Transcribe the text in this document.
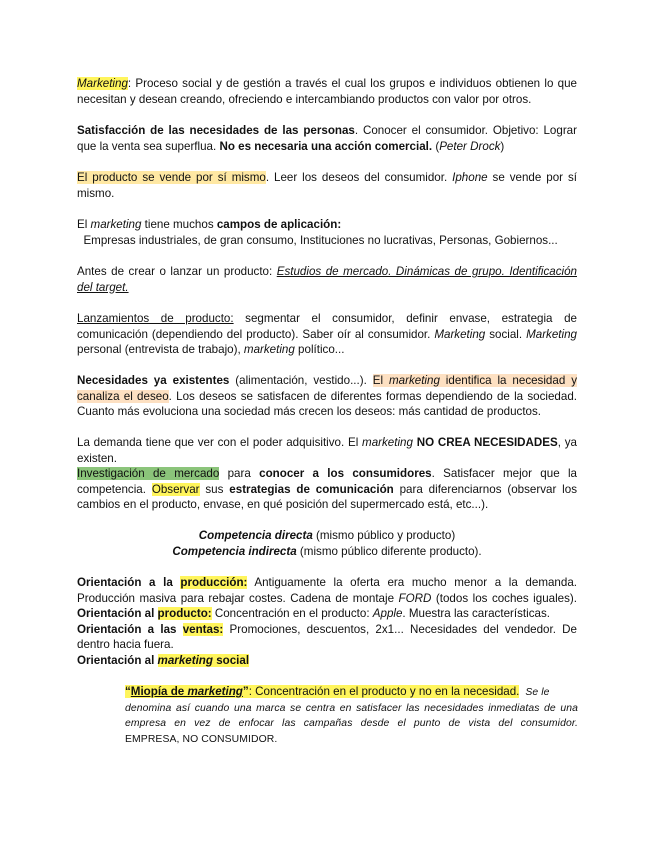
Marketing: Proceso social y de gestión a través el cual los grupos e individuos obtienen lo que
necesitan y desean creando, ofreciendo e intercambiando productos con valor por otros.

Satisfacción de las necesidades de las personas. Conocer el consumidor. Objetivo: Lograr
que la venta sea superflua. No es necesaria una acción comercial. (Peter Drock)

El producto se vende por sí mismo. Leer los deseos del consumidor. Iphone se vende por sí
mismo.

El marketing tiene muchos campos de aplicación:
Empresas industriales, de gran consumo, Instituciones no lucrativas, Personas, Gobiernos...

Antes de crear o lanzar un producto: Estudios de mercado. Dinámicas de grupo. Identificación
del target.

Lanzamientos de producto: segmentar el consumidor, definir envase, estrategia de
comunicación (dependiendo del producto). Saber oír al consumidor. Marketing social. Marketing
personal (entrevista de trabajo), marketing político...

Necesidades ya existentes (alimentación, vestido...). El marketing identifica la necesidad y
canaliza el deseo. Los deseos se satisfacen de diferentes formas dependiendo de la sociedad.
Cuanto más evoluciona una sociedad más crecen los deseos: más cantidad de productos.

La demanda tiene que ver con el poder adquisitivo. El marketing NO CREA NECESIDADES, ya
existen.
Investigación de mercado para conocer a los consumidores. Satisfacer mejor que la
competencia. Observar sus estrategias de comunicación para diferenciarnos (observar los
cambios en el producto, envase, en qué posición del supermercado está, etc...).

Competencia directa (mismo público y producto)
Competencia indirecta (mismo público diferente producto).

Orientación a la producción: Antiguamente la oferta era mucho menor a la demanda.
Producción masiva para rebajar costes. Cadena de montaje FORD (todos los coches iguales).
Orientación al producto: Concentración en el producto: Apple. Muestra las características.
Orientación a las ventas: Promociones, descuentos, 2x1... Necesidades del vendedor. De
dentro hacia fuera.
Orientación al marketing social

“Miopía de marketing”: Concentración en el producto y no en la necesidad.  Se le
denomina así cuando una marca se centra en satisfacer las necesidades inmediatas de una
empresa en vez de enfocar las campañas desde el punto de vista del consumidor.
EMPRESA, NO CONSUMIDOR.
